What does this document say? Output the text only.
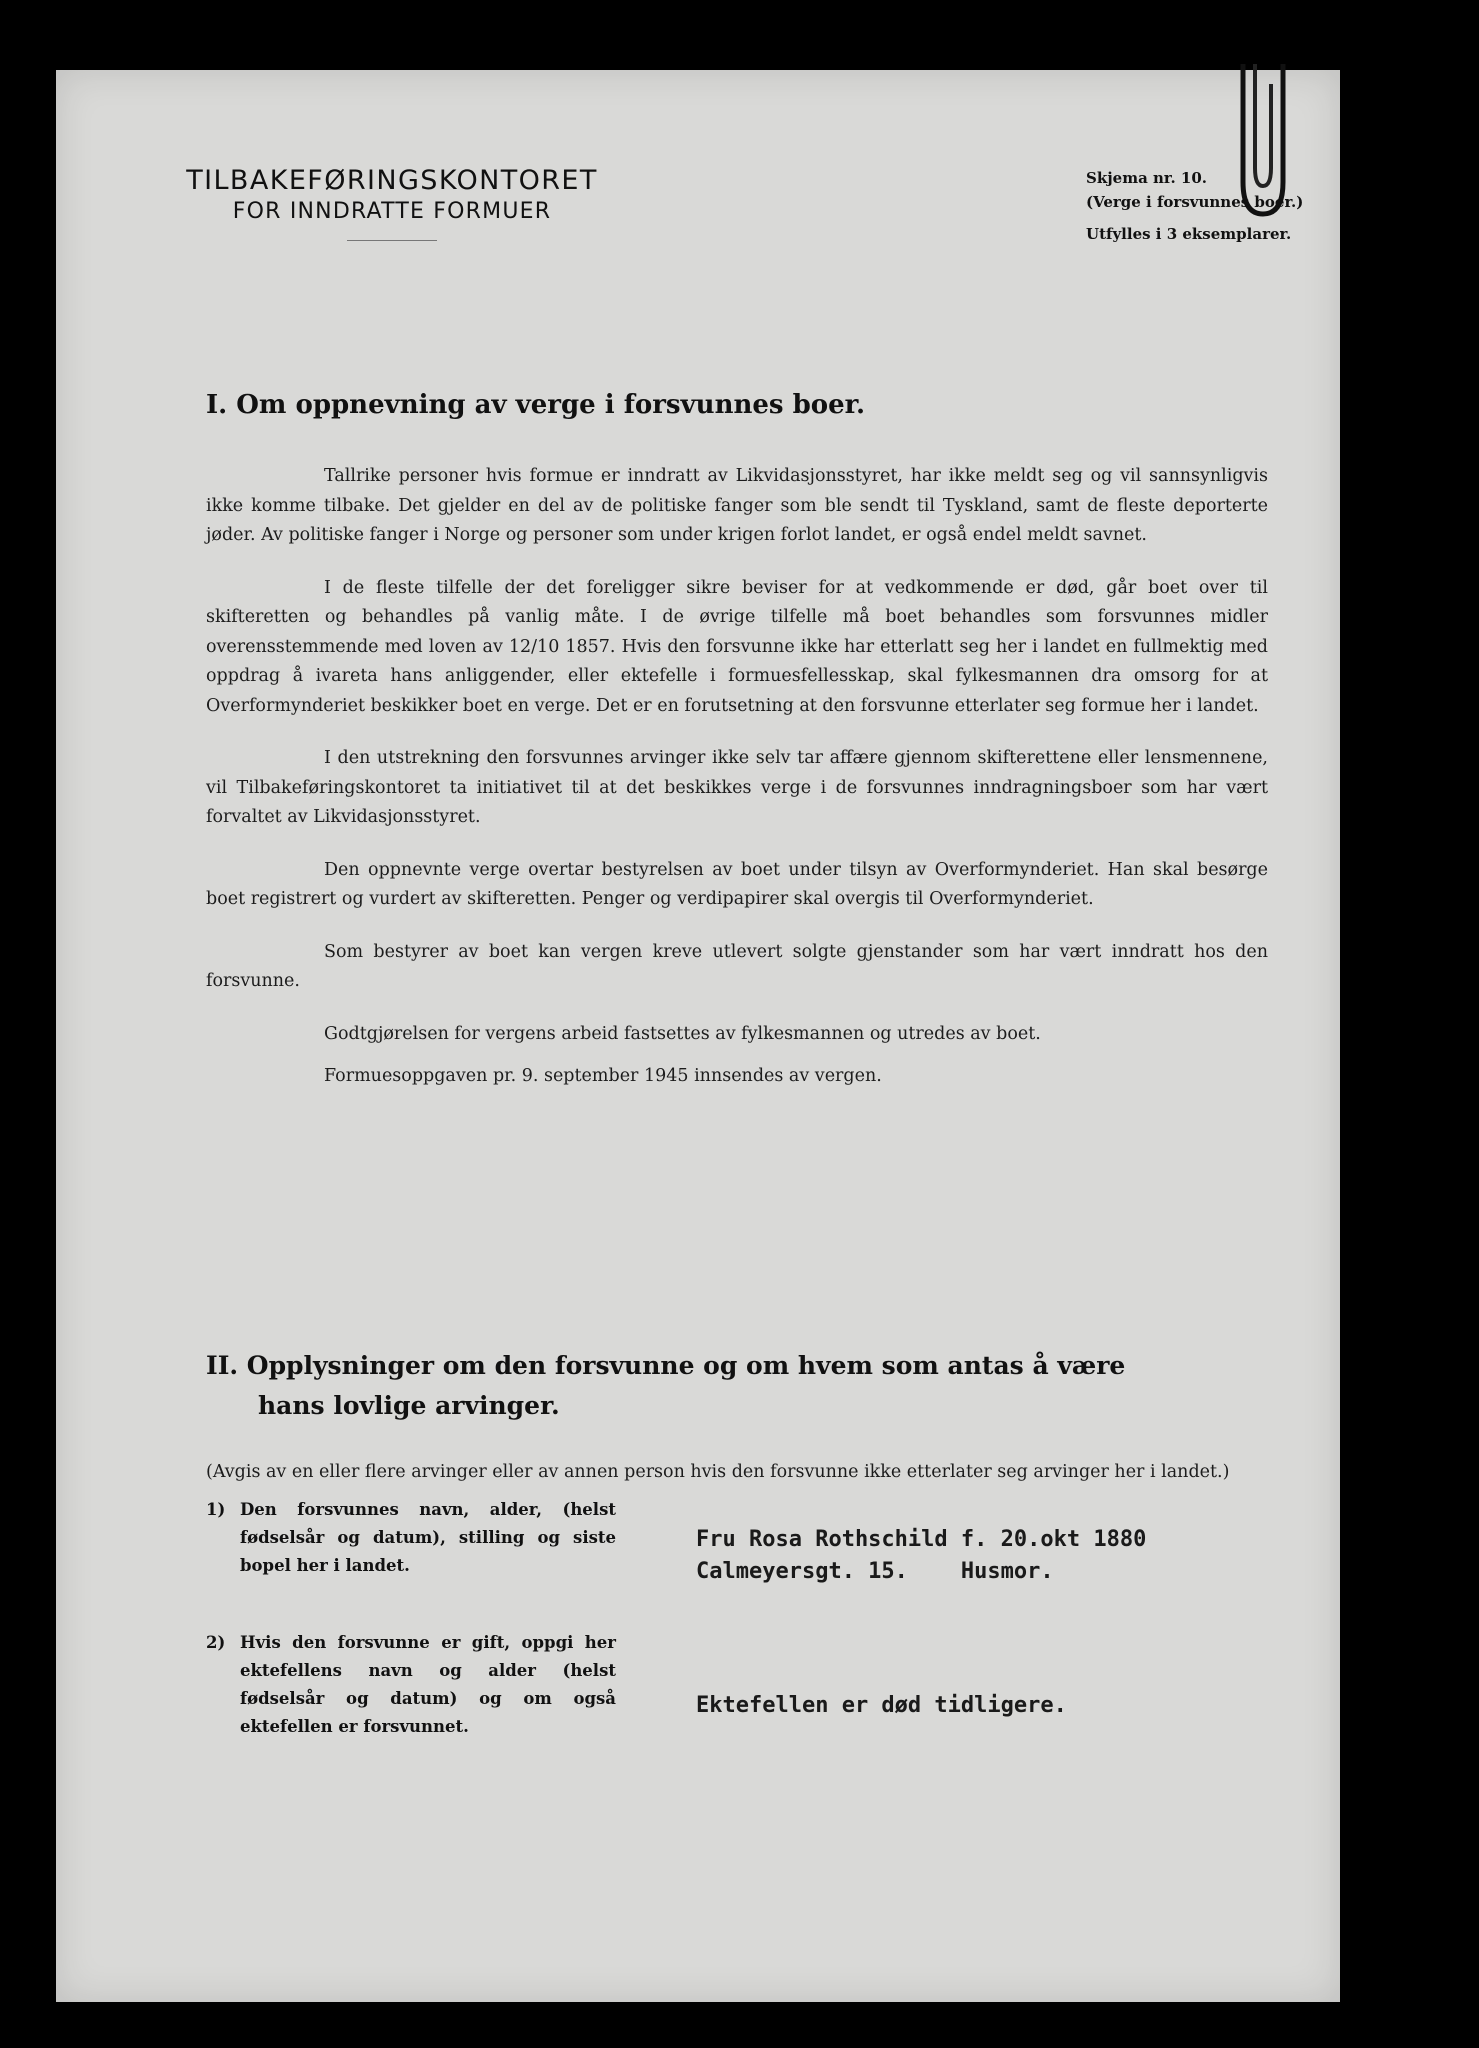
TILBAKEFØRINGSKONTORET
FOR INNDRATTE FORMUER
Skjema nr. 10.
(Verge i forsvunnes boer.)
Utfylles i 3 eksemplarer.
I. Om oppnevning av verge i forsvunnes boer.

Tallrike personer hvis formue er inndratt av Likvidasjonsstyret, har ikke meldt seg og vil sannsynligvis ikke komme tilbake. Det gjelder en del av de politiske fanger som ble sendt til Tyskland, samt de fleste deporterte jøder. Av politiske fanger i Norge og personer som under krigen forlot landet, er også endel meldt savnet.

I de fleste tilfelle der det foreligger sikre beviser for at vedkommende er død, går boet over til skifteretten og behandles på vanlig måte. I de øvrige tilfelle må boet behandles som forsvunnes midler overensstemmende med loven av 12/10 1857. Hvis den forsvunne ikke har etterlatt seg her i landet en fullmektig med oppdrag å ivareta hans anliggender, eller ektefelle i formuesfellesskap, skal fylkesmannen dra omsorg for at Overformynderiet beskikker boet en verge. Det er en forutsetning at den forsvunne etterlater seg formue her i landet.

I den utstrekning den forsvunnes arvinger ikke selv tar affære gjennom skifterettene eller lensmennene, vil Tilbakeføringskontoret ta initiativet til at det beskikkes verge i de forsvunnes inndragningsboer som har vært forvaltet av Likvidasjonsstyret.

Den oppnevnte verge overtar bestyrelsen av boet under tilsyn av Overformynderiet. Han skal besørge boet registrert og vurdert av skifteretten. Penger og verdipapirer skal overgis til Overformynderiet.

Som bestyrer av boet kan vergen kreve utlevert solgte gjenstander som har vært inndratt hos den forsvunne.

Godtgjørelsen for vergens arbeid fastsettes av fylkesmannen og utredes av boet.

Formuesoppgaven pr. 9. september 1945 innsendes av vergen.

II. Opplysninger om den forsvunne og om hvem som antas å være
hans lovlige arvinger.
(Avgis av en eller flere arvinger eller av annen person hvis den forsvunne ikke etterlater seg arvinger her i landet.)
1) Den forsvunnes navn, alder, (helst fødselsår og datum), stilling og siste bopel her i landet.
Fru Rosa Rothschild f. 20.okt 1880
Calmeyersgt. 15.    Husmor.
2) Hvis den forsvunne er gift, oppgi her ektefellens navn og alder (helst fødselsår og datum) og om også ektefellen er forsvunnet.
Ektefellen er død tidligere.
